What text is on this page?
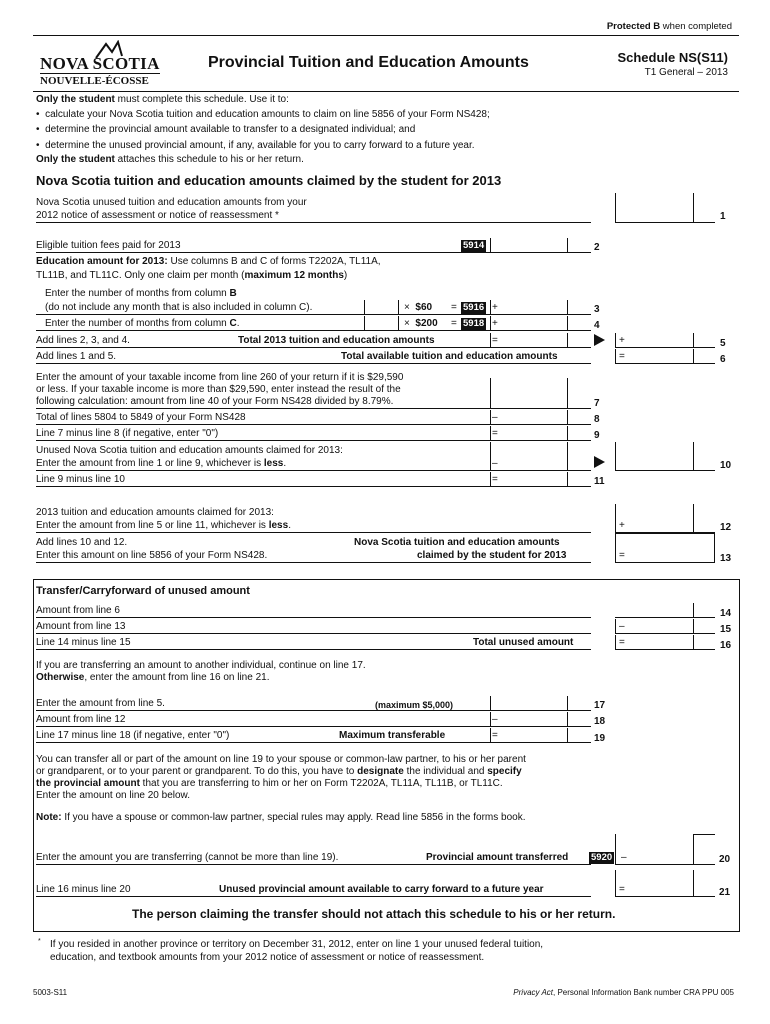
Protected B when completed
NOVA SCOTIA
NOUVELLE-ÉCOSSE
Provincial Tuition and Education Amounts	Schedule NS(S11)
T1 General – 2013
Only the student must complete this schedule. Use it to:
•  calculate your Nova Scotia tuition and education amounts to claim on line 5856 of your Form NS428;
•  determine the provincial amount available to transfer to a designated individual; and
•  determine the unused provincial amount, if any, available for you to carry forward to a future year.
Only the student attaches this schedule to his or her return.
Nova Scotia tuition and education amounts claimed by the student for 2013
Nova Scotia unused tuition and education amounts from your
2012 notice of assessment or notice of reassessment *	1
Eligible tuition fees paid for 2013	5914	2
Education amount for 2013: Use columns B and C of forms T2202A, TL11A,
TL11B, and TL11C. Only one claim per month (maximum 12 months)
Enter the number of months from column B
(do not include any month that is also included in column C).	× $60 = 5916 +	3
Enter the number of months from column C.	× $200 = 5918 +	4
Add lines 2, 3, and 4.	Total 2013 tuition and education amounts	=	+	5
Add lines 1 and 5.	Total available tuition and education amounts	=	6
Enter the amount of your taxable income from line 260 of your return if it is $29,590
or less. If your taxable income is more than $29,590, enter instead the result of the
following calculation: amount from line 40 of your Form NS428 divided by 8.79%.	7
Total of lines 5804 to 5849 of your Form NS428	–	8
Line 7 minus line 8 (if negative, enter "0")	=	9
Unused Nova Scotia tuition and education amounts claimed for 2013:
Enter the amount from line 1 or line 9, whichever is less.	–	10
Line 9 minus line 10	=	11
2013 tuition and education amounts claimed for 2013:
Enter the amount from line 5 or line 11, whichever is less.	+	12
Add lines 10 and 12.
Enter this amount on line 5856 of your Form NS428.
Nova Scotia tuition and education amounts
claimed by the student for 2013	=	13
Transfer/Carryforward of unused amount
Amount from line 6	14
Amount from line 13	–	15
Line 14 minus line 15	Total unused amount	=	16
If you are transferring an amount to another individual, continue on line 17.
Otherwise, enter the amount from line 16 on line 21.
Enter the amount from line 5.	(maximum $5,000)	17
Amount from line 12	–	18
Line 17 minus line 18 (if negative, enter "0")	Maximum transferable	=	19
You can transfer all or part of the amount on line 19 to your spouse or common-law partner, to his or her parent
or grandparent, or to your parent or grandparent. To do this, you have to designate the individual and specify
the provincial amount that you are transferring to him or her on Form T2202A, TL11A, TL11B, or TL11C.
Enter the amount on line 20 below.
Note: If you have a spouse or common-law partner, special rules may apply. Read line 5856 in the forms book.
Enter the amount you are transferring (cannot be more than line 19).	Provincial amount transferred 5920 –	20
Line 16 minus line 20	Unused provincial amount available to carry forward to a future year	=	21
The person claiming the transfer should not attach this schedule to his or her return.
* If you resided in another province or territory on December 31, 2012, enter on line 1 your unused federal tuition,
education, and textbook amounts from your 2012 notice of assessment or notice of reassessment.
5003-S11	Privacy Act, Personal Information Bank number CRA PPU 005
